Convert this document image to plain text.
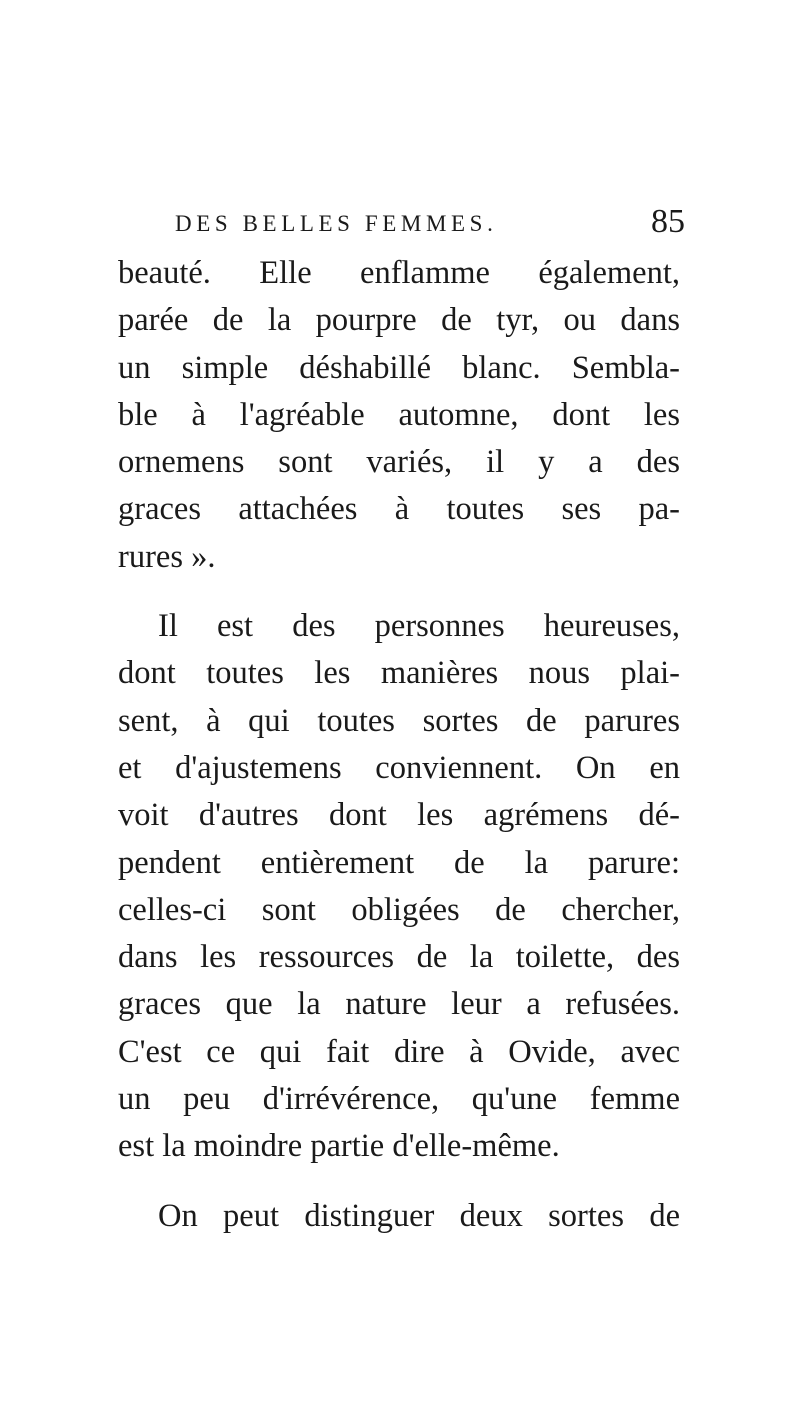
DES BELLES FEMMES.	85
beauté. Elle enflamme également,
parée de la pourpre de tyr, ou dans
un simple déshabillé blanc. Sembla-
ble à l'agréable automne, dont les
ornemens sont variés, il y a des
graces attachées à toutes ses pa-
rures ».
Il est des personnes heureuses,
dont toutes les manières nous plai-
sent, à qui toutes sortes de parures
et d'ajustemens conviennent. On en
voit d'autres dont les agrémens dé-
pendent entièrement de la parure:
celles-ci sont obligées de chercher,
dans les ressources de la toilette, des
graces que la nature leur a refusées.
C'est ce qui fait dire à Ovide, avec
un peu d'irrévérence, qu'une femme
est la moindre partie d'elle-même.
On peut distinguer deux sortes de
